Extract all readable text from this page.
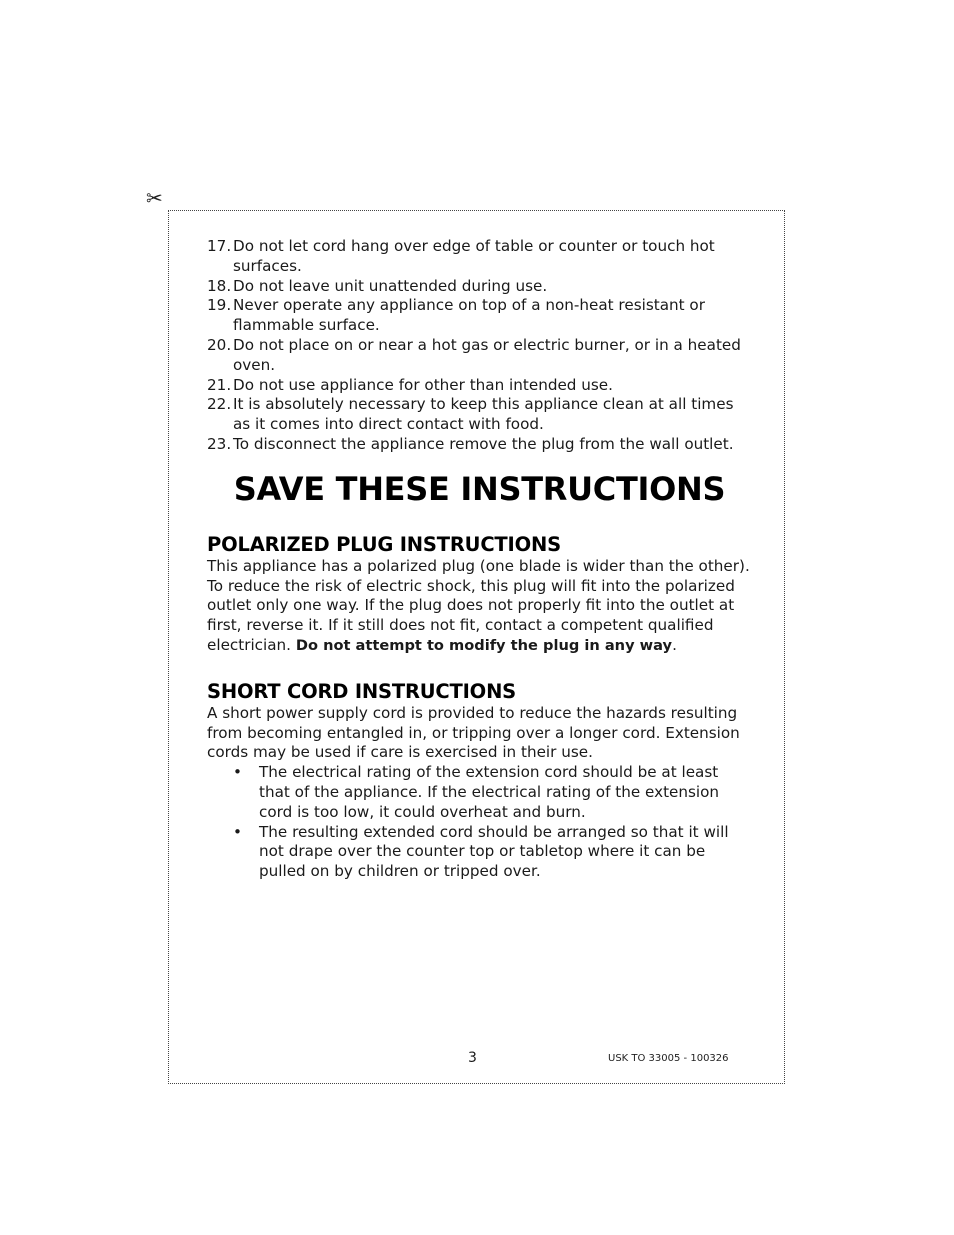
✂
17. Do not let cord hang over edge of table or counter or touch hot surfaces.
18. Do not leave unit unattended during use.
19. Never operate any appliance on top of a non-heat resistant or flammable surface.
20. Do not place on or near a hot gas or electric burner, or in a heated oven.
21. Do not use appliance for other than intended use.
22. It is absolutely necessary to keep this appliance clean at all times as it comes into direct contact with food.
23. To disconnect the appliance remove the plug from the wall outlet.
SAVE THESE INSTRUCTIONS
POLARIZED PLUG INSTRUCTIONS

This appliance has a polarized plug (one blade is wider than the other). To reduce the risk of electric shock, this plug will fit into the polarized outlet only one way. If the plug does not properly fit into the outlet at first, reverse it. If it still does not fit, contact a competent qualified electrician. Do not attempt to modify the plug in any way.

SHORT CORD INSTRUCTIONS

A short power supply cord is provided to reduce the hazards resulting from becoming entangled in, or tripping over a longer cord. Extension cords may be used if care is exercised in their use.

• The electrical rating of the extension cord should be at least that of the appliance. If the electrical rating of the extension cord is too low, it could overheat and burn.
• The resulting extended cord should be arranged so that it will not drape over the counter top or tabletop where it can be pulled on by children or tripped over.
3	USK TO 33005 - 100326
